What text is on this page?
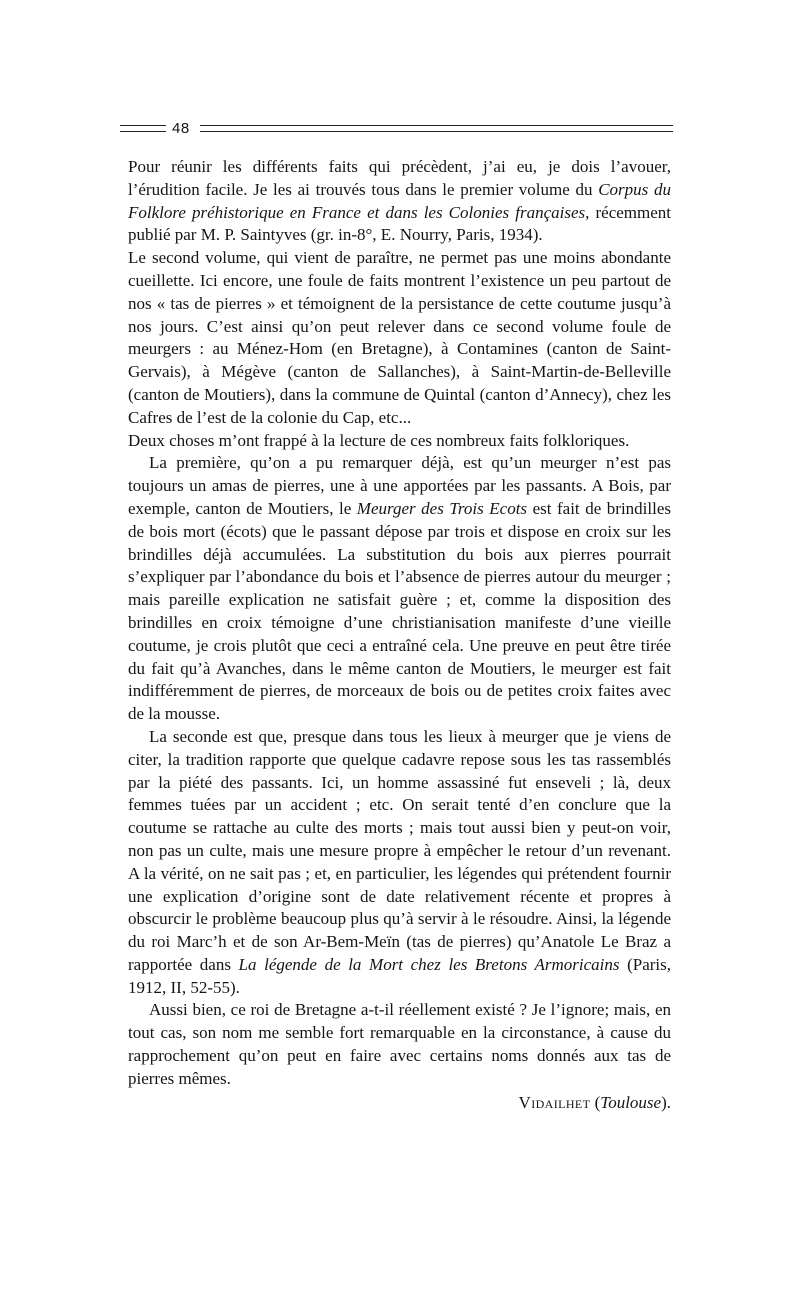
48

Pour réunir les différents faits qui précèdent, j’ai eu, je dois l’avouer, l’érudition facile. Je les ai trouvés tous dans le premier volume du Corpus du Folklore préhistorique en France et dans les Colonies françaises, récemment publié par M. P. Saintyves (gr. in-8°, E. Nourry, Paris, 1934).

Le second volume, qui vient de paraître, ne permet pas une moins abondante cueillette. Ici encore, une foule de faits montrent l’existence un peu partout de nos « tas de pierres » et témoignent de la persistance de cette coutume jusqu’à nos jours. C’est ainsi qu’on peut relever dans ce second volume foule de meurgers : au Ménez-Hom (en Bretagne), à Contamines (canton de Saint-Gervais), à Mégève (canton de Sallanches), à Saint-Martin-de-Belleville (canton de Moutiers), dans la commune de Quintal (canton d’Annecy), chez les Cafres de l’est de la colonie du Cap, etc...

Deux choses m’ont frappé à la lecture de ces nombreux faits folkloriques.

La première, qu’on a pu remarquer déjà, est qu’un meurger n’est pas toujours un amas de pierres, une à une apportées par les passants. A Bois, par exemple, canton de Moutiers, le Meurger des Trois Ecots est fait de brindilles de bois mort (écots) que le passant dépose par trois et dispose en croix sur les brindilles déjà accumulées. La substitution du bois aux pierres pourrait s’expliquer par l’abondance du bois et l’absence de pierres autour du meurger ; mais pareille explication ne satisfait guère ; et, comme la disposition des brindilles en croix témoigne d’une christianisation manifeste d’une vieille coutume, je crois plutôt que ceci a entraîné cela. Une preuve en peut être tirée du fait qu’à Avanches, dans le même canton de Moutiers, le meurger est fait indifféremment de pierres, de morceaux de bois ou de petites croix faites avec de la mousse.

La seconde est que, presque dans tous les lieux à meurger que je viens de citer, la tradition rapporte que quelque cadavre repose sous les tas rassemblés par la piété des passants. Ici, un homme assassiné fut enseveli ; là, deux femmes tuées par un accident ; etc. On serait tenté d’en conclure que la coutume se rattache au culte des morts ; mais tout aussi bien y peut-on voir, non pas un culte, mais une mesure propre à empêcher le retour d’un revenant. A la vérité, on ne sait pas ; et, en particulier, les légendes qui prétendent fournir une explication d’origine sont de date relativement récente et propres à obscurcir le problème beaucoup plus qu’à servir à le résoudre. Ainsi, la légende du roi Marc’h et de son Ar-Bem-Meïn (tas de pierres) qu’Anatole Le Braz a rapportée dans La légende de la Mort chez les Bretons Armoricains (Paris, 1912, II, 52-55).

Aussi bien, ce roi de Bretagne a-t-il réellement existé ? Je l’ignore; mais, en tout cas, son nom me semble fort remarquable en la circonstance, à cause du rapprochement qu’on peut en faire avec certains noms donnés aux tas de pierres mêmes.

Vidailhet (Toulouse).
